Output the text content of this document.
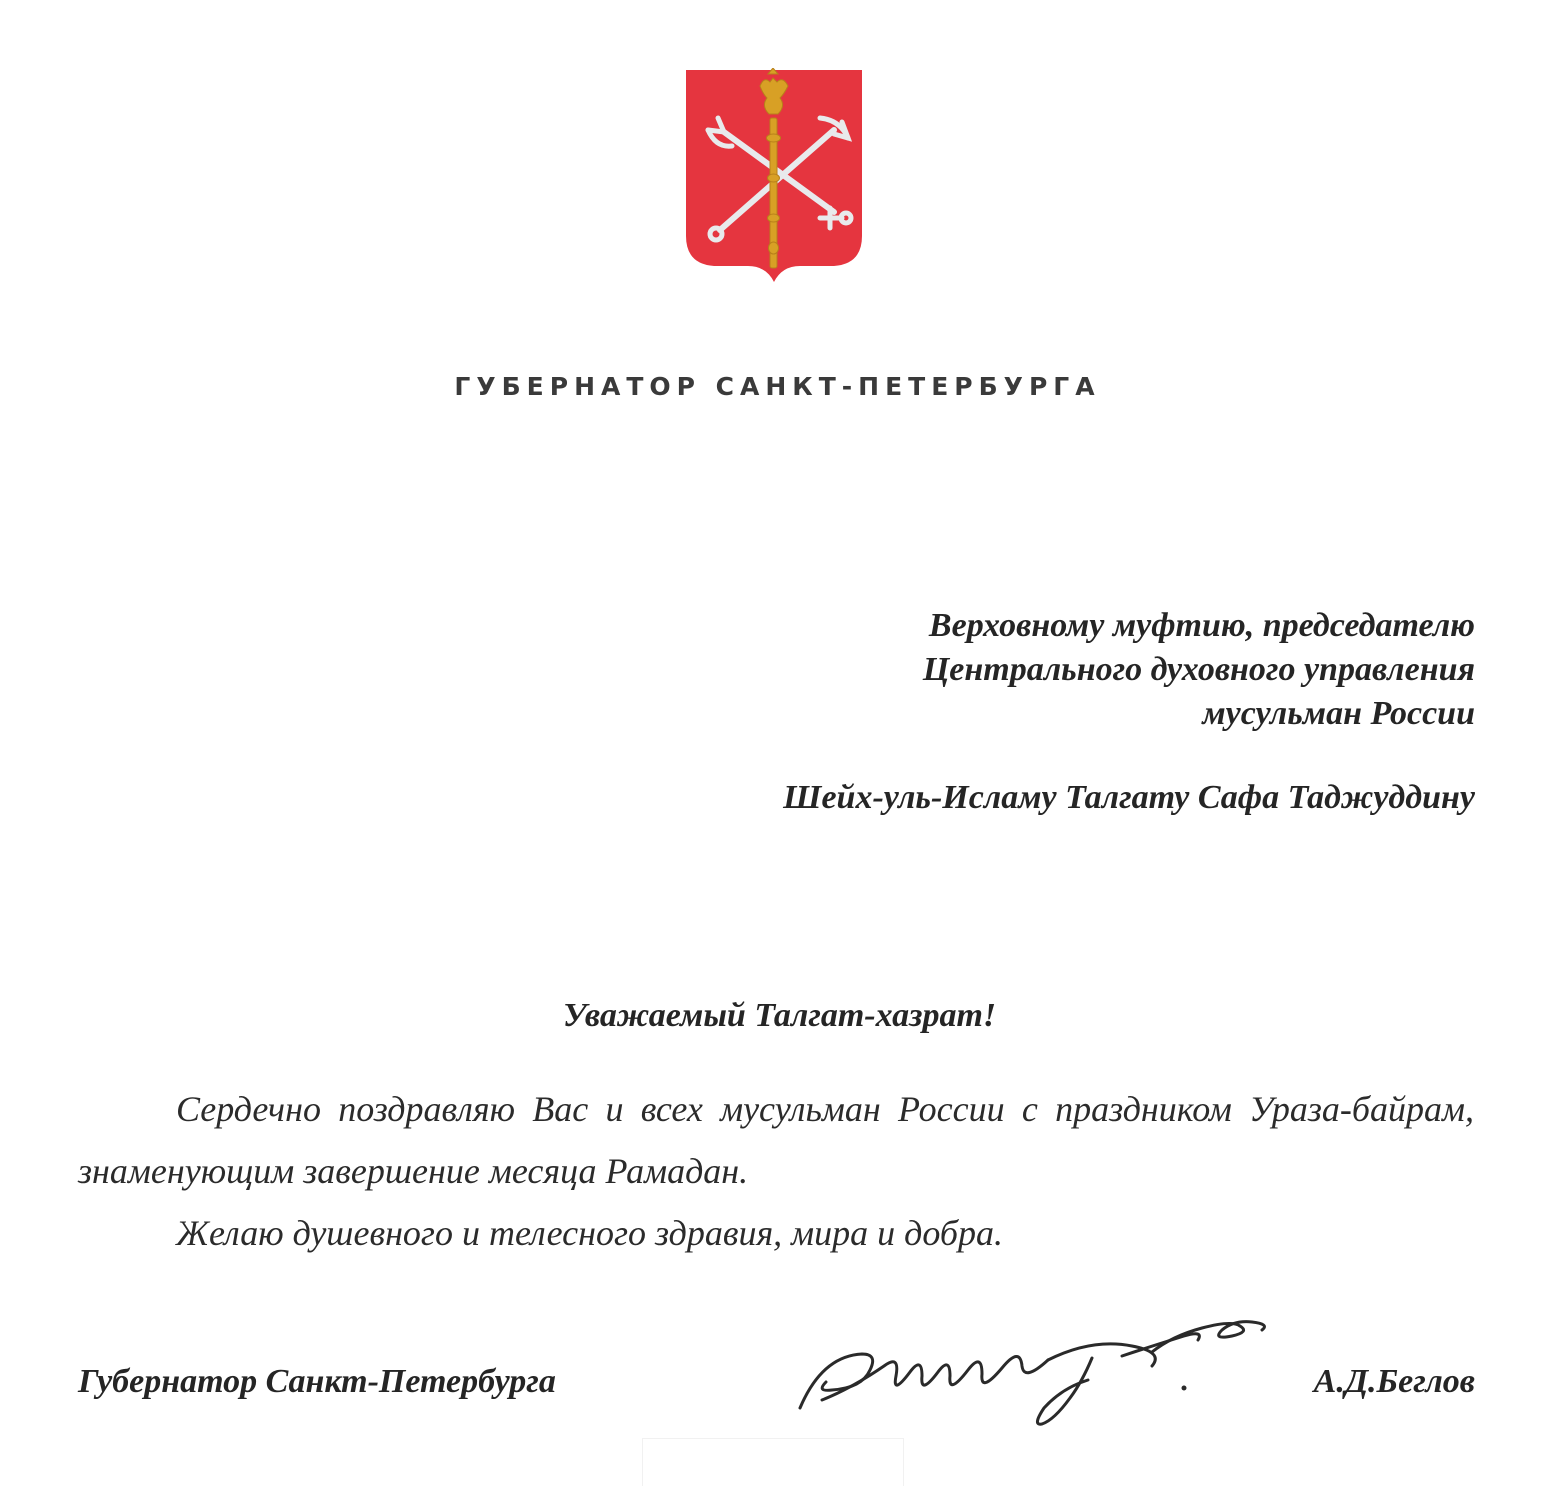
ГУБЕРНАТОР САНКТ-ПЕТЕРБУРГА
Верховному муфтию, председателю
Центрального духовного управления
мусульман России
Шейх-уль-Исламу Талгату Сафа Таджуддину
Уважаемый Талгат-хазрат!

Сердечно поздравляю Вас и всех мусульман России с праздником Ураза-байрам, знаменующим завершение месяца Рамадан.

Желаю душевного и телесного здравия, мира и добра.

Губернатор Санкт-Петербурга	А.Д.Беглов
